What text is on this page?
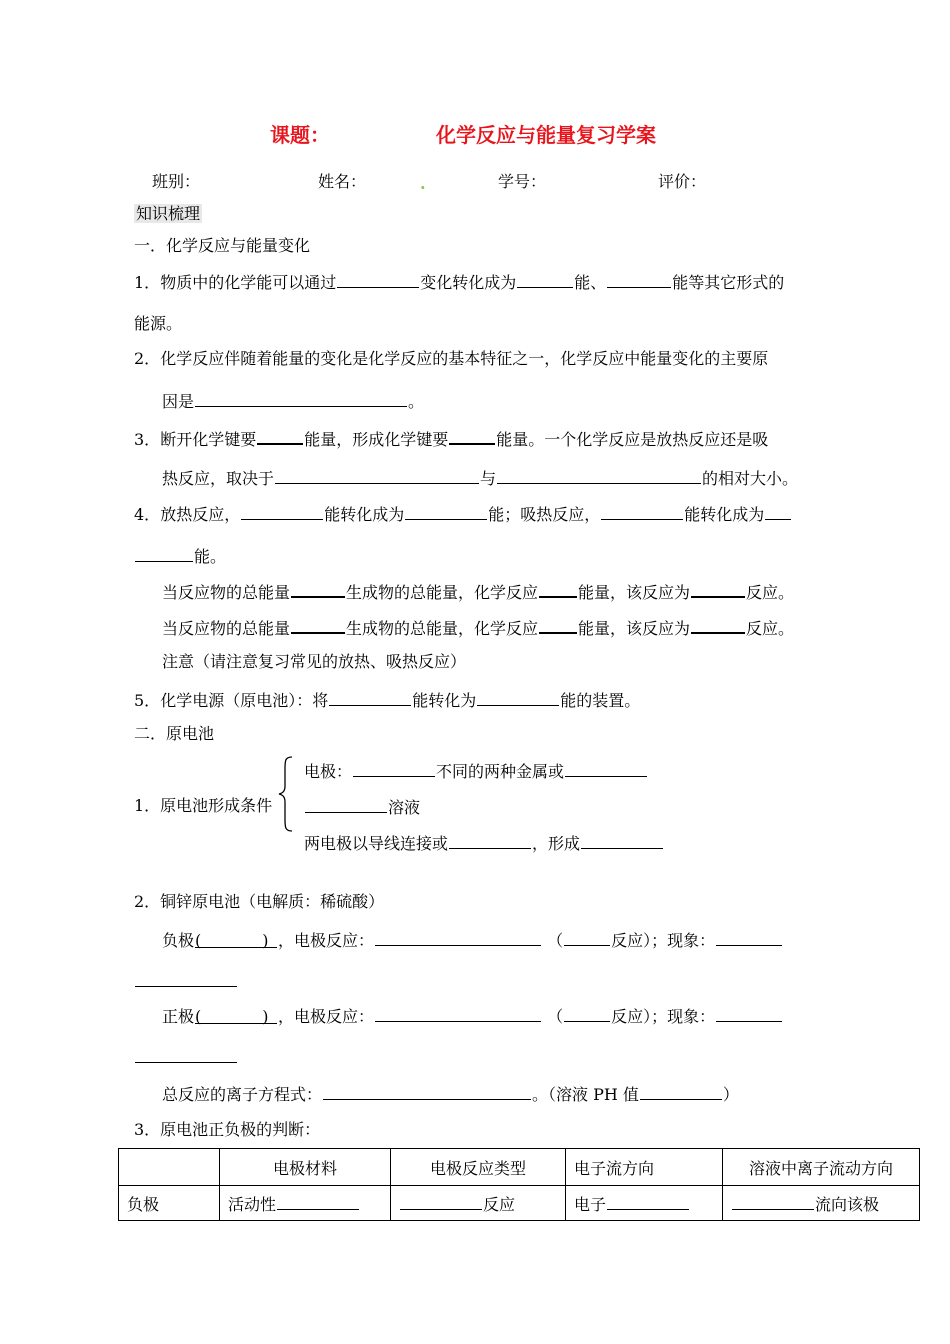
课题：	化学反应与能量复习学案
班别：	姓名：	.	学号：	评价：
知识梳理
一．化学反应与能量变化
1．物质中的化学能可以通过	变化转化成为	能、	能等其它形式的
能源。
2．化学反应伴随着能量的变化是化学反应的基本特征之一，化学反应中能量变化的主要原
因是	。
3．断开化学键要	能量，形成化学键要	能量。一个化学反应是放热反应还是吸
热反应，取决于	与	的相对大小。
4．放热反应，	能转化成为	能；吸热反应，	能转化成为
能。
当反应物的总能量	生成物的总能量，化学反应	能量，该反应为	反应。
当反应物的总能量	生成物的总能量，化学反应	能量，该反应为	反应。
注意（请注意复习常见的放热、吸热反应）
5．化学电源（原电池）：将	能转化为	能的装置。
二．原电池
1．原电池形成条件
电极：	不同的两种金属或
溶液
两电极以导线连接或	，形成
2．铜锌原电池（电解质：稀硫酸）
负极(            ) ，电极反应：	（	反应）；现象：
正极(            ) ，电极反应：	（	反应）；现象：
总反应的离子方程式：	。（溶液 PH 值	）
3．原电池正负极的判断：
	电极材料	电极反应类型	电子流方向	溶液中离子流动方向
负极	活动性	反应	电子	流向该极
